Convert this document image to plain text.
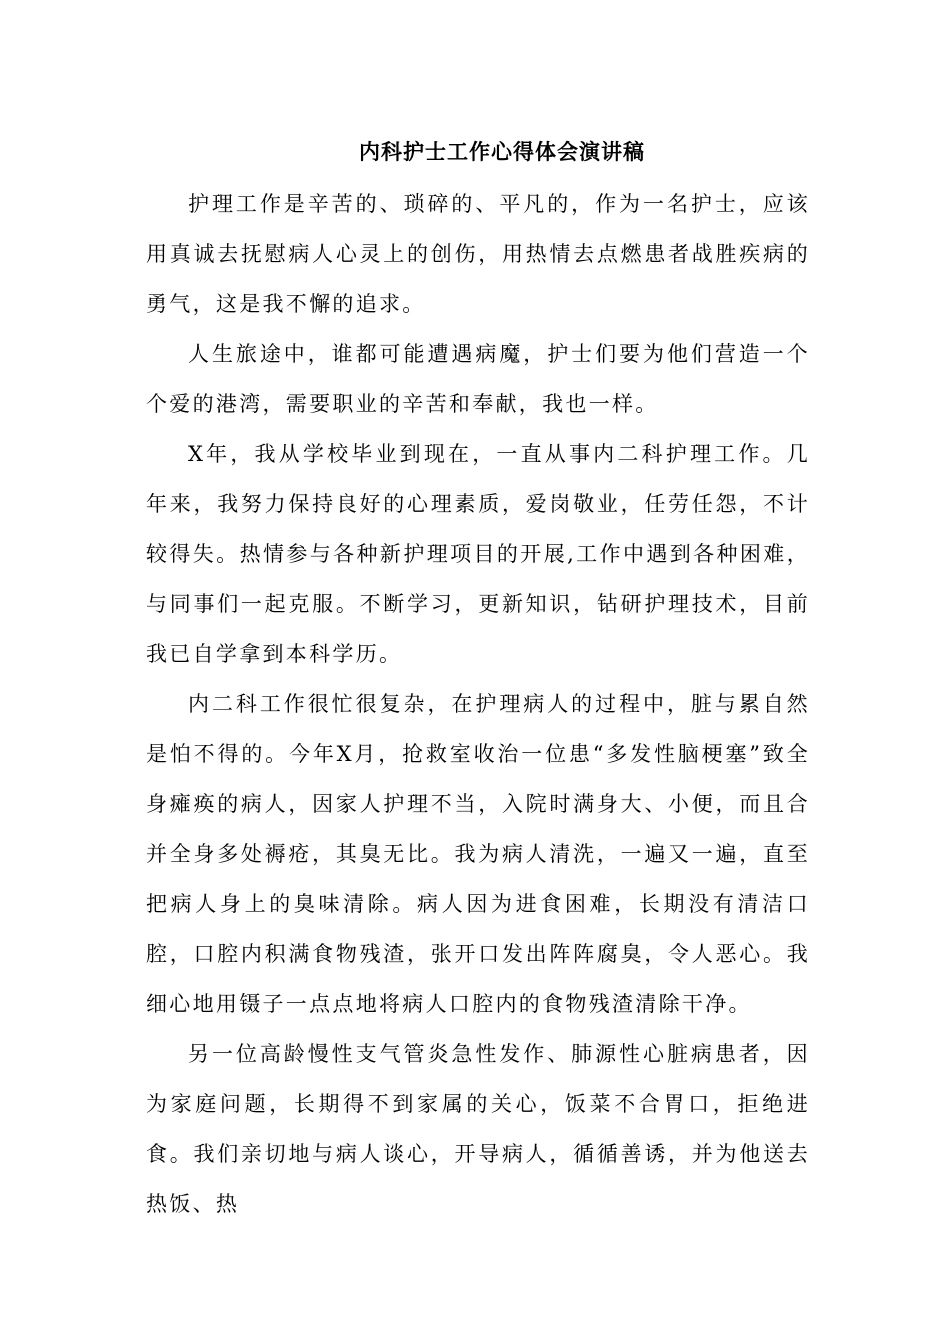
内科护士工作心得体会演讲稿

护理工作是辛苦的、琐碎的、平凡的，作为一名护士，应该用真诚去抚慰病人心灵上的创伤，用热情去点燃患者战胜疾病的勇气，这是我不懈的追求。

人生旅途中，谁都可能遭遇病魔，护士们要为他们营造一个个爱的港湾，需要职业的辛苦和奉献，我也一样。

X年，我从学校毕业到现在，一直从事内二科护理工作。几年来，我努力保持良好的心理素质，爱岗敬业，任劳任怨，不计较得失。热情参与各种新护理项目的开展,工作中遇到各种困难，与同事们一起克服。不断学习，更新知识，钻研护理技术，目前我已自学拿到本科学历。

内二科工作很忙很复杂，在护理病人的过程中，脏与累自然是怕不得的。今年X月，抢救室收治一位患“多发性脑梗塞”致全身瘫痪的病人，因家人护理不当，入院时满身大、小便，而且合并全身多处褥疮，其臭无比。我为病人清洗，一遍又一遍，直至把病人身上的臭味清除。病人因为进食困难，长期没有清洁口腔，口腔内积满食物残渣，张开口发出阵阵腐臭，令人恶心。我细心地用镊子一点点地将病人口腔内的食物残渣清除干净。

另一位高龄慢性支气管炎急性发作、肺源性心脏病患者，因为家庭问题，长期得不到家属的关心，饭菜不合胃口，拒绝进食。我们亲切地与病人谈心，开导病人，循循善诱，并为他送去热饭、热
